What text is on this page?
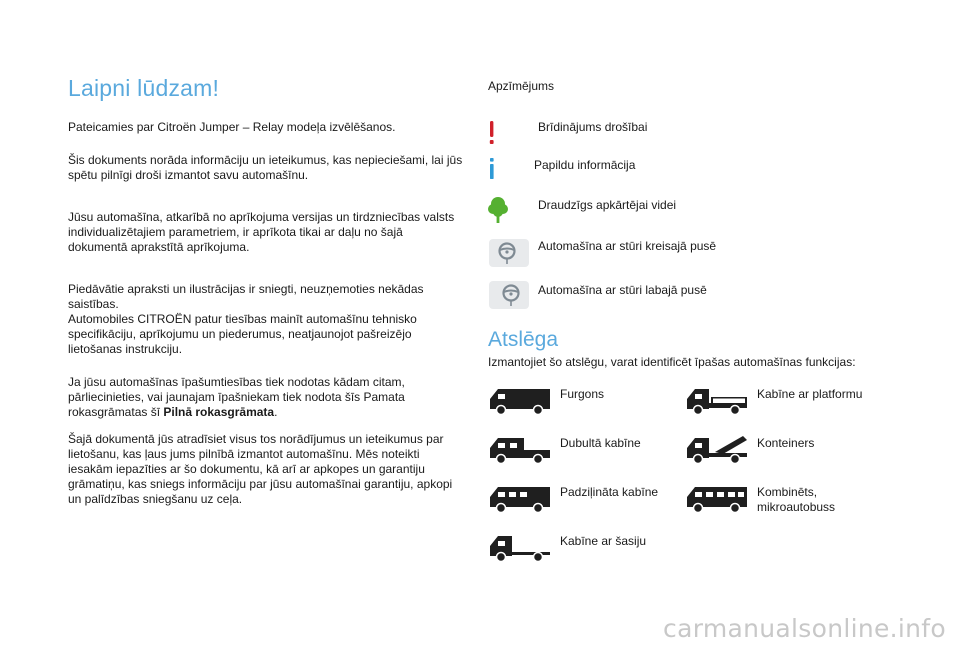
Laipni lūdzam!

Pateicamies par Citroën Jumper – Relay modeļa izvēlēšanos.

Šis dokuments norāda informāciju un ieteikumus, kas nepieciešami, lai jūs spētu pilnīgi droši izmantot savu automašīnu.

Jūsu automašīna, atkarībā no aprīkojuma versijas un tirdzniecības valsts individualizētajiem parametriem, ir aprīkota tikai ar daļu no šajā dokumentā aprakstītā aprīkojuma.

Piedāvātie apraksti un ilustrācijas ir sniegti, neuzņemoties nekādas saistības.

Automobiles CITROËN patur tiesības mainīt automašīnu tehnisko specifikāciju, aprīkojumu un piederumus, neatjaunojot pašreizējo lietošanas instrukciju.

Ja jūsu automašīnas īpašumtiesības tiek nodotas kādam citam, pārliecinieties, vai jaunajam īpašniekam tiek nodota šīs Pamata rokasgrāmatas šī Pilnā rokasgrāmata.

Šajā dokumentā jūs atradīsiet visus tos norādījumus un ieteikumus par lietošanu, kas ļaus jums pilnībā izmantot automašīnu. Mēs noteikti iesakām iepazīties ar šo dokumentu, kā arī ar apkopes un garantiju grāmatiņu, kas sniegs informāciju par jūsu automašīnai garantiju, apkopi un palīdzības sniegšanu uz ceļa.

Apzīmējums
Brīdinājums drošībai
Papildu informācija
Draudzīgs apkārtējai videi
Automašīna ar stūri kreisajā pusē
Automašīna ar stūri labajā pusē
Atslēga
Izmantojiet šo atslēgu, varat identificēt īpašas automašīnas funkcijas:
Furgons	Kabīne ar platformu
Dubultā kabīne	Konteiners
Padziļināta kabīne	Kombinēts, mikroautobuss
Kabīne ar šasiju
carmanualsonline.info
